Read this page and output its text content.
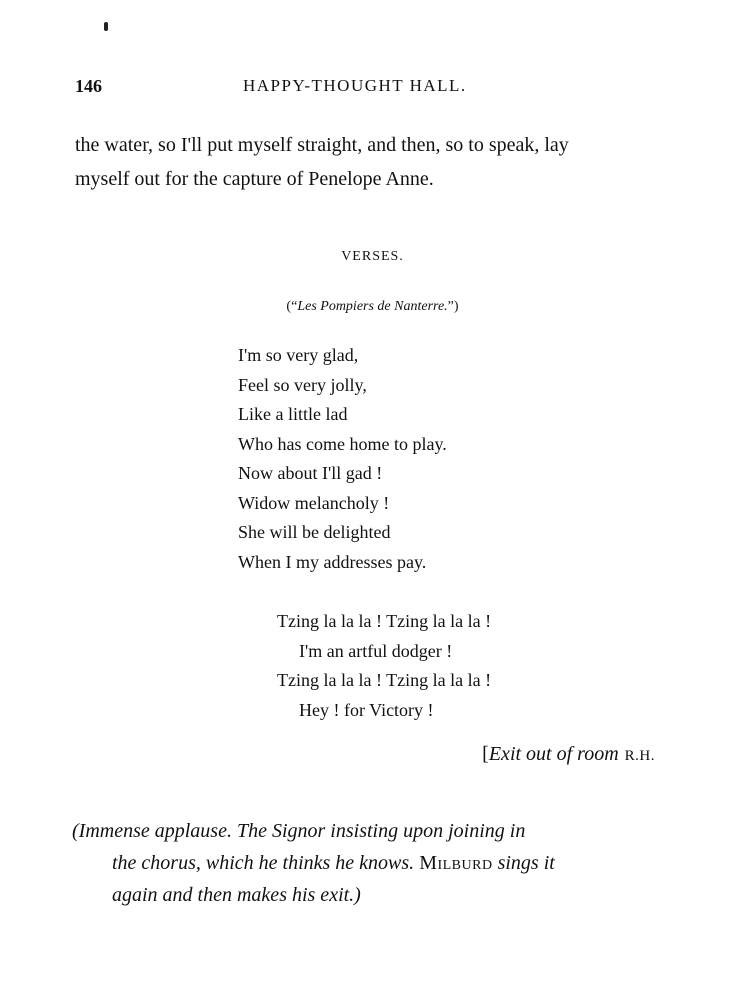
146	HAPPY-THOUGHT HALL.

the water, so I'll put myself straight, and then, so to speak, lay

myself out for the capture of Penelope Anne.

VERSES.
(“Les Pompiers de Nanterre.”)
I'm so very glad,
Feel so very jolly,
Like a little lad
Who has come home to play.
Now about I'll gad !
Widow melancholy !
She will be delighted
When I my addresses pay.
Tzing la la la ! Tzing la la la !
I'm an artful dodger !
Tzing la la la ! Tzing la la la !
Hey ! for Victory !
[Exit out of room R.H.
(Immense applause. The Signor insisting upon joining in
the chorus, which he thinks he knows. Milburd sings it
again and then makes his exit.)
